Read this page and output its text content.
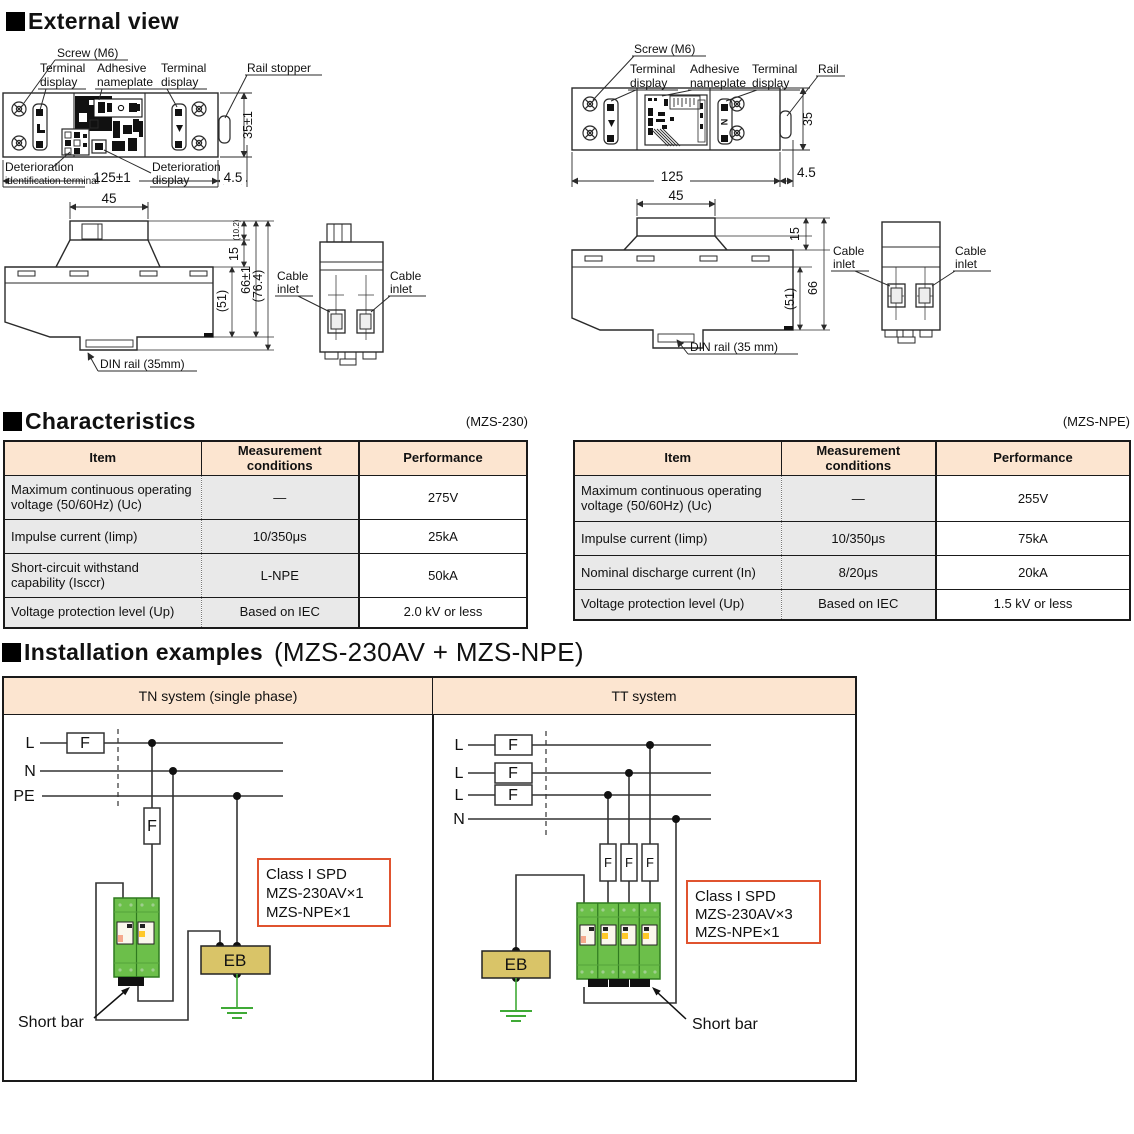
External view
Screw (M6)
Terminal
display
Adhesive
nameplate
Terminal
display
Rail stopper
35±1
Deterioration
identification terminal
125±1
Deterioration
display	4.5
45
(10.2)
15
(51)
66±1
(76.4)
DIN rail (35mm)
Cable
inlet
Cable
inlet
Screw (M6)
Terminal
display
Adhesive
nameplate
Terminal
display
Rail
N	35
125	4.5
45
15
(51) 66
DIN rail (35 mm)
Cable
inlet
Cable
inlet
Characteristics	(MZS-230)	(MZS-NPE)
Item	Measurement conditions	Performance
Maximum continuous operating voltage (50/60Hz) (Uc)	—	275V
Impulse current (Iimp)	10/350μs	25kA
Short-circuit withstand capability (Isccr)	L-NPE	50kA
Voltage protection level (Up)	Based on IEC	2.0 kV or less
Item	Measurement conditions	Performance
Maximum continuous operating voltage (50/60Hz) (Uc)	—	255V
Impulse current (Iimp)	10/350μs	75kA
Nominal discharge current (In)	8/20μs	20kA
Voltage protection level (Up)	Based on IEC	1.5 kV or less
Installation examples (MZS-230AV + MZS-NPE)
TN system (single phase)	TT system
L
N
PE
F
F
EB
Class I SPD
MZS-230AV×1
MZS-NPE×1
Short bar
L
L
L
N
F
F
F
F F F
EB
Class I SPD
MZS-230AV×3
MZS-NPE×1
Short bar
